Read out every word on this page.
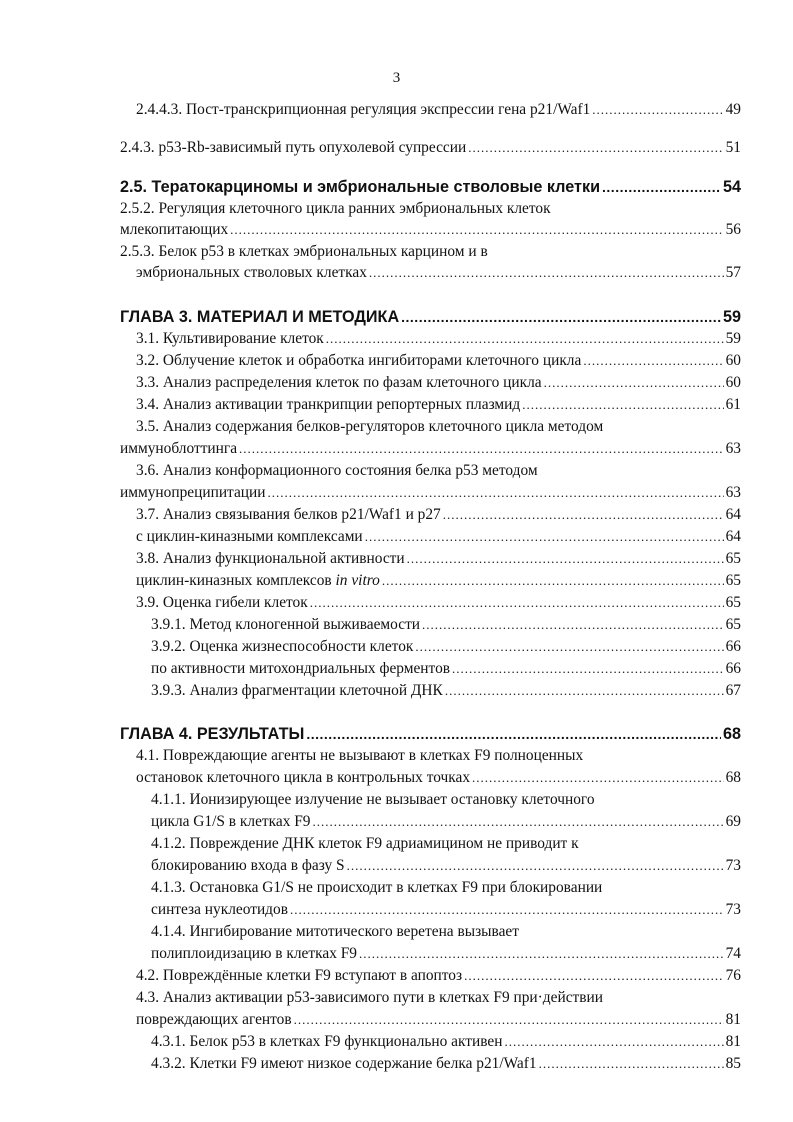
3
2.4.4.3. Пост-транскрипционная регуляция экспрессии гена p21/Waf1 .....	49
2.4.3. p53-Rb-зависимый путь опухолевой супрессии .....	51
2.5. Тератокарциномы и эмбриональные стволовые клетки .....	54
2.5.2. Регуляция клеточного цикла ранних эмбриональных клеток
млекопитающих .....	56
2.5.3. Белок p53 в клетках эмбриональных карцином и в
эмбриональных стволовых клетках .....	57
ГЛАВА 3. МАТЕРИАЛ И МЕТОДИКА .....	59
3.1. Культивирование клеток .....	59
3.2. Облучение клеток и обработка ингибиторами клеточного цикла .....	60
3.3. Анализ распределения клеток по фазам клеточного цикла .....	60
3.4. Анализ активации транкрипции репортерных плазмид .....	61
3.5. Анализ содержания белков-регуляторов клеточного цикла методом
иммуноблоттинга .....	63
3.6. Анализ конформационного состояния белка p53 методом
иммунопреципитации .....	63
3.7. Анализ связывания белков p21/Waf1 и p27 .....	64
с циклин-киназными комплексами .....	64
3.8. Анализ функциональной активности .....	65
циклин-киназных комплексов in vitro .....	65
3.9. Оценка гибели клеток .....	65
3.9.1. Метод клоногенной выживаемости .....	65
3.9.2. Оценка жизнеспособности клеток .....	66
по активности митохондриальных ферментов .....	66
3.9.3. Анализ фрагментации клеточной ДНК .....	67
ГЛАВА 4. РЕЗУЛЬТАТЫ .....	68
4.1. Повреждающие агенты не вызывают в клетках F9 полноценных
остановок клеточного цикла в контрольных точках .....	68
4.1.1. Ионизирующее излучение не вызывает остановку клеточного
цикла G1/S в клетках F9 .....	69
4.1.2. Повреждение ДНК клеток F9 адриамицином не приводит к
блокированию входа в фазу S .....	73
4.1.3. Остановка G1/S не происходит в клетках F9 при блокировании
синтеза нуклеотидов .....	73
4.1.4. Ингибирование митотического веретена вызывает
полиплоидизацию в клетках F9 .....	74
4.2. Повреждённые клетки F9 вступают в апоптоз .....	76
4.3. Анализ активации p53-зависимого пути в клетках F9 при·действии
повреждающих агентов .....	81
4.3.1. Белок p53 в клетках F9 функционально активен .....	81
4.3.2. Клетки F9 имеют низкое содержание белка p21/Waf1 .....	85
